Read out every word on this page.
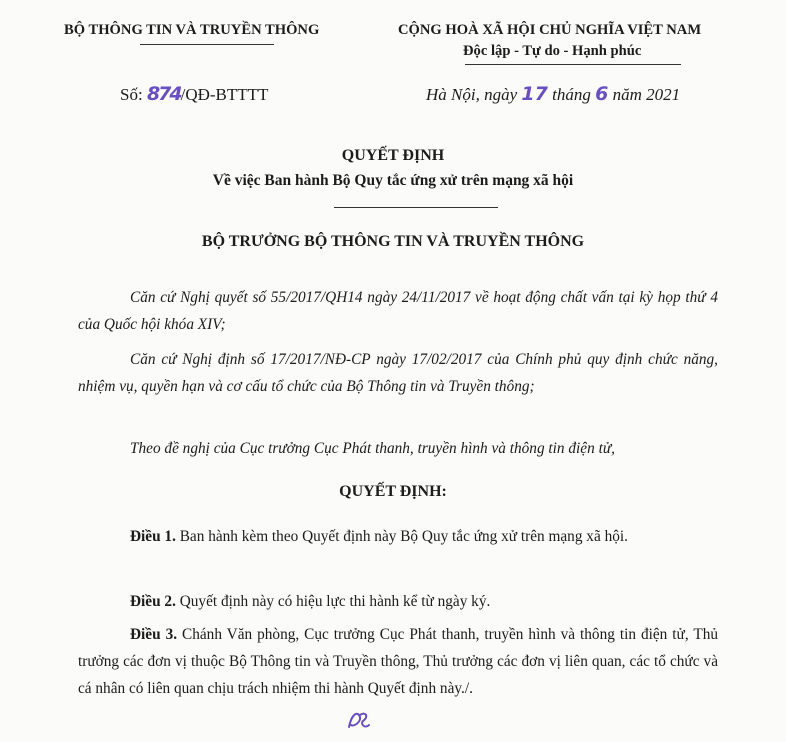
BỘ THÔNG TIN VÀ TRUYỀN THÔNG	CỘNG HOÀ XÃ HỘI CHỦ NGHĨA VIỆT NAM
Độc lập - Tự do - Hạnh phúc
Số: 874/QĐ-BTTTT	Hà Nội, ngày 17 tháng 6 năm 2021
QUYẾT ĐỊNH
Về việc Ban hành Bộ Quy tắc ứng xử trên mạng xã hội
BỘ TRƯỞNG BỘ THÔNG TIN VÀ TRUYỀN THÔNG
Căn cứ Nghị quyết số 55/2017/QH14 ngày 24/11/2017 về hoạt động chất vấn tại kỳ họp thứ 4 của Quốc hội khóa XIV;
Căn cứ Nghị định số 17/2017/NĐ-CP ngày 17/02/2017 của Chính phủ quy định chức năng, nhiệm vụ, quyền hạn và cơ cấu tổ chức của Bộ Thông tin và Truyền thông;
Theo đề nghị của Cục trưởng Cục Phát thanh, truyền hình và thông tin điện tử,
QUYẾT ĐỊNH:
Điều 1. Ban hành kèm theo Quyết định này Bộ Quy tắc ứng xử trên mạng xã hội.
Điều 2. Quyết định này có hiệu lực thi hành kể từ ngày ký.
Điều 3. Chánh Văn phòng, Cục trưởng Cục Phát thanh, truyền hình và thông tin điện tử, Thủ trưởng các đơn vị thuộc Bộ Thông tin và Truyền thông, Thủ trưởng các đơn vị liên quan, các tổ chức và cá nhân có liên quan chịu trách nhiệm thi hành Quyết định này./.
